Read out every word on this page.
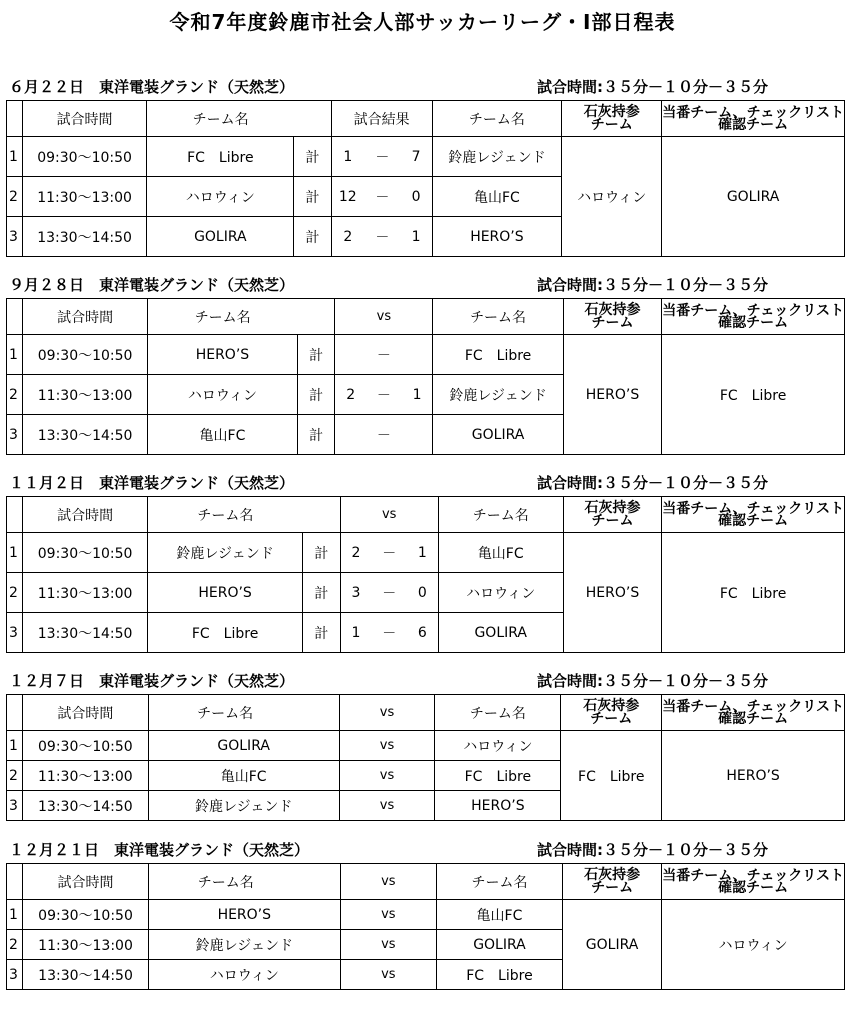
令和7年度鈴鹿市社会人部サッカーリーグ・Ⅰ部日程表
６月２２日　東洋電装グランド（天然芝）	試合時間:３５分－１０分－３５分
	試合時間	チーム名		試合結果			チーム名	石灰持参
チーム	当番チーム、チェックリスト
確認チーム
1	09:30～10:50	FC　Libre	計	1	－	7	鈴鹿レジェンド	ハロウィン	GOLIRA
2	11:30～13:00	ハロウィン	計	12	－	0	亀山FC		
3	13:30～14:50	GOLIRA	計	2	－	1	HERO’S		
９月２８日　東洋電装グランド（天然芝）	試合時間:３５分－１０分－３５分
	試合時間	チーム名		vs			チーム名	石灰持参
チーム	当番チーム、チェックリスト
確認チーム
1	09:30～10:50	HERO’S	計		－		FC　Libre	HERO’S	FC　Libre
2	11:30～13:00	ハロウィン	計	2	－	1	鈴鹿レジェンド		
3	13:30～14:50	亀山FC	計		－		GOLIRA		
１１月２日　東洋電装グランド（天然芝）	試合時間:３５分－１０分－３５分
	試合時間	チーム名		vs			チーム名	石灰持参
チーム	当番チーム、チェックリスト
確認チーム
1	09:30～10:50	鈴鹿レジェンド	計	2	－	1	亀山FC	HERO’S	FC　Libre
2	11:30～13:00	HERO’S	計	3	－	0	ハロウィン		
3	13:30～14:50	FC　Libre	計	1	－	6	GOLIRA		
１２月７日　東洋電装グランド（天然芝）	試合時間:３５分－１０分－３５分
	試合時間	チーム名		vs	チーム名	石灰持参
チーム	当番チーム、チェックリスト
確認チーム
1	09:30～10:50	GOLIRA		vs	ハロウィン	FC　Libre	HERO’S
2	11:30～13:00	亀山FC		vs	FC　Libre		
3	13:30～14:50	鈴鹿レジェンド		vs	HERO’S		
１２月２１日　東洋電装グランド（天然芝）	試合時間:３５分－１０分－３５分
	試合時間	チーム名		vs	チーム名	石灰持参
チーム	当番チーム、チェックリスト
確認チーム
1	09:30～10:50	HERO’S		vs	亀山FC	GOLIRA	ハロウィン
2	11:30～13:00	鈴鹿レジェンド		vs	GOLIRA		
3	13:30～14:50	ハロウィン		vs	FC　Libre		
